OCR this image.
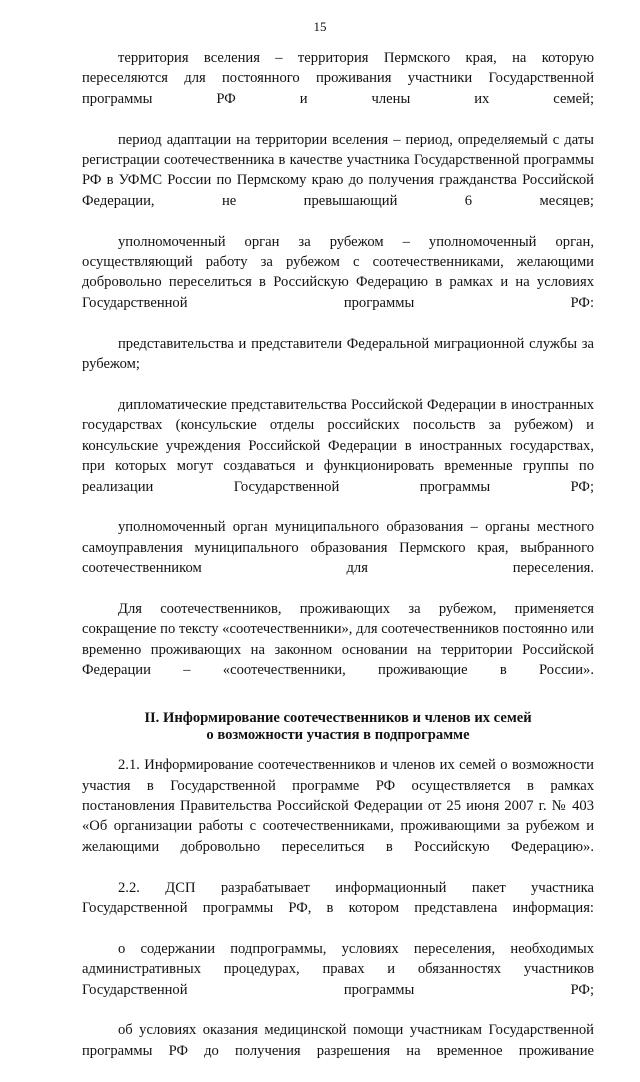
15

территория вселения – территория Пермского края, на которую переселяются для постоянного проживания участники Государственной программы РФ и члены их семей;

период адаптации на территории вселения – период, определяемый с даты регистрации соотечественника в качестве участника Государственной программы РФ в УФМС России по Пермскому краю до получения гражданства Российской Федерации, не превышающий 6 месяцев;

уполномоченный орган за рубежом – уполномоченный орган, осуществляющий работу за рубежом с соотечественниками, желающими добровольно переселиться в Российскую Федерацию в рамках и на условиях Государственной программы РФ:

представительства и представители Федеральной миграционной службы за рубежом;

дипломатические представительства Российской Федерации в иностранных государствах (консульские отделы российских посольств за рубежом) и консульские учреждения Российской Федерации в иностранных государствах, при которых могут создаваться и функционировать временные группы по реализации Государственной программы РФ;

уполномоченный орган муниципального образования – органы местного самоуправления муниципального образования Пермского края, выбранного соотечественником для переселения.

Для соотечественников, проживающих за рубежом, применяется сокращение по тексту «соотечественники», для соотечественников постоянно или временно проживающих на законном основании на территории Российской Федерации – «соотечественники, проживающие в России».

II. Информирование соотечественников и членов их семей
о возможности участия в подпрограмме

2.1. Информирование соотечественников и членов их семей о возможности участия в Государственной программе РФ осуществляется в рамках постановления Правительства Российской Федерации от 25 июня 2007 г. № 403 «Об организации работы с соотечественниками, проживающими за рубежом и желающими добровольно переселиться в Российскую Федерацию».

2.2. ДСП разрабатывает информационный пакет участника Государственной программы РФ, в котором представлена информация:

о содержании подпрограммы, условиях переселения, необходимых административных процедурах, правах и обязанностях участников Государственной программы РФ;

об условиях оказания медицинской помощи участникам Государственной программы РФ до получения разрешения на временное проживание
